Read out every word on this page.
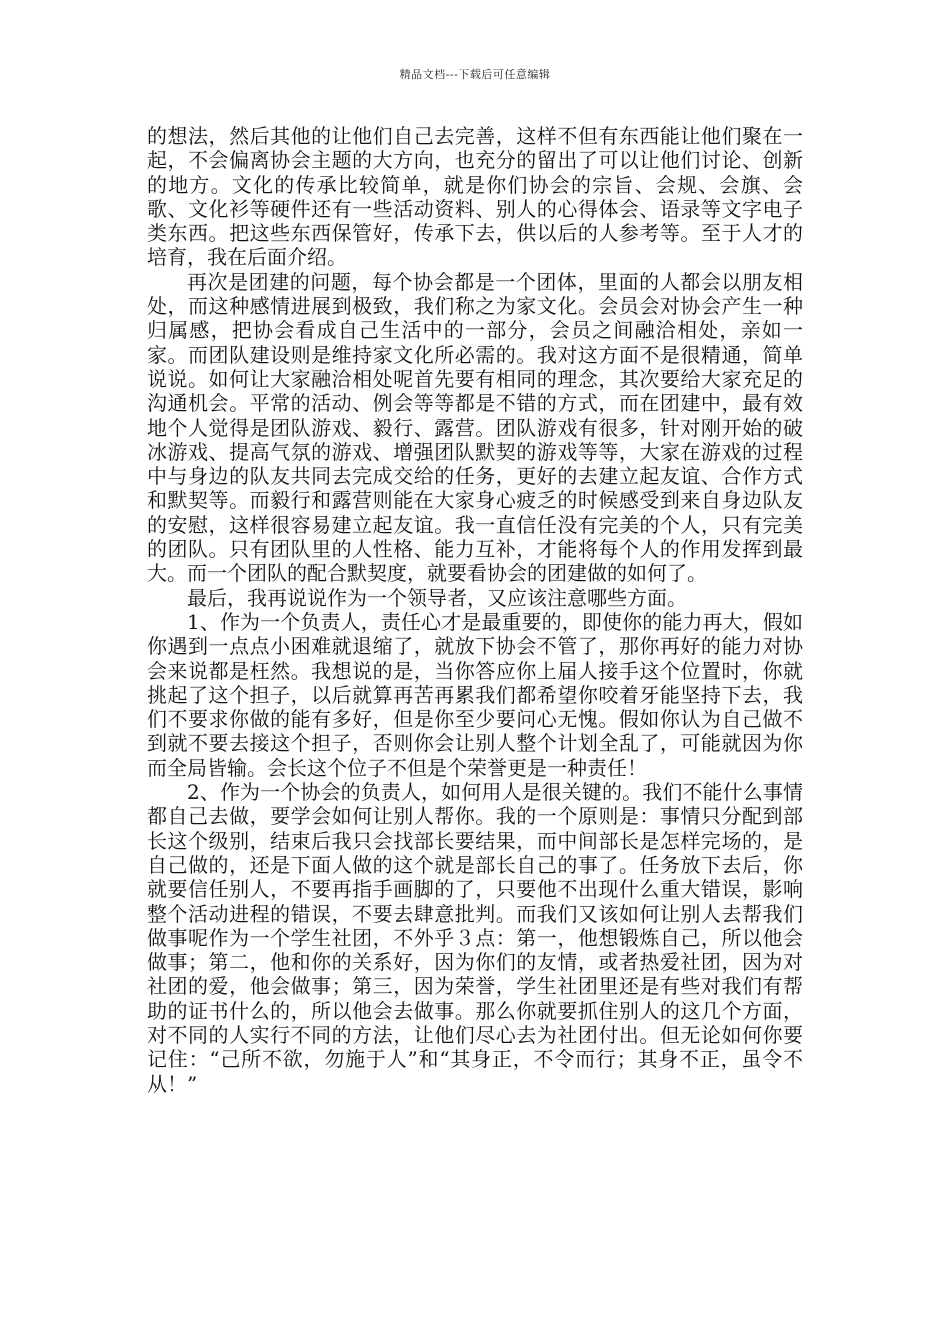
精品文档---下载后可任意编辑

的想法，然后其他的让他们自己去完善，这样不但有东西能让他们聚在一起，不会偏离协会主题的大方向，也充分的留出了可以让他们讨论、创新的地方。文化的传承比较简单，就是你们协会的宗旨、会规、会旗、会歌、文化衫等硬件还有一些活动资料、别人的心得体会、语录等文字电子类东西。把这些东西保管好，传承下去，供以后的人参考等。至于人才的培育，我在后面介绍。

再次是团建的问题，每个协会都是一个团体，里面的人都会以朋友相处，而这种感情进展到极致，我们称之为家文化。会员会对协会产生一种归属感，把协会看成自己生活中的一部分，会员之间融洽相处，亲如一家。而团队建设则是维持家文化所必需的。我对这方面不是很精通，简单说说。如何让大家融洽相处呢首先要有相同的理念，其次要给大家充足的沟通机会。平常的活动、例会等等都是不错的方式，而在团建中，最有效地个人觉得是团队游戏、毅行、露营。团队游戏有很多，针对刚开始的破冰游戏、提高气氛的游戏、增强团队默契的游戏等等，大家在游戏的过程中与身边的队友共同去完成交给的任务，更好的去建立起友谊、合作方式和默契等。而毅行和露营则能在大家身心疲乏的时候感受到来自身边队友的安慰，这样很容易建立起友谊。我一直信任没有完美的个人，只有完美的团队。只有团队里的人性格、能力互补，才能将每个人的作用发挥到最大。而一个团队的配合默契度，就要看协会的团建做的如何了。

最后，我再说说作为一个领导者，又应该注意哪些方面。

1、作为一个负责人，责任心才是最重要的，即使你的能力再大，假如你遇到一点点小困难就退缩了，就放下协会不管了，那你再好的能力对协会来说都是枉然。我想说的是，当你答应你上届人接手这个位置时，你就挑起了这个担子，以后就算再苦再累我们都希望你咬着牙能坚持下去，我们不要求你做的能有多好，但是你至少要问心无愧。假如你认为自己做不到就不要去接这个担子，否则你会让别人整个计划全乱了，可能就因为你而全局皆输。会长这个位子不但是个荣誉更是一种责任！

2、作为一个协会的负责人，如何用人是很关键的。我们不能什么事情都自己去做，要学会如何让别人帮你。我的一个原则是：事情只分配到部长这个级别，结束后我只会找部长要结果，而中间部长是怎样完场的，是自己做的，还是下面人做的这个就是部长自己的事了。任务放下去后，你就要信任别人，不要再指手画脚的了，只要他不出现什么重大错误，影响整个活动进程的错误，不要去肆意批判。而我们又该如何让别人去帮我们做事呢作为一个学生社团，不外乎３点：第一，他想锻炼自己，所以他会做事；第二，他和你的关系好，因为你们的友情，或者热爱社团，因为对社团的爱，他会做事；第三，因为荣誉，学生社团里还是有些对我们有帮助的证书什么的，所以他会去做事。那么你就要抓住别人的这几个方面，对不同的人实行不同的方法，让他们尽心去为社团付出。但无论如何你要记住：“己所不欲，勿施于人”和“其身正，不令而行；其身不正，虽令不从！”
